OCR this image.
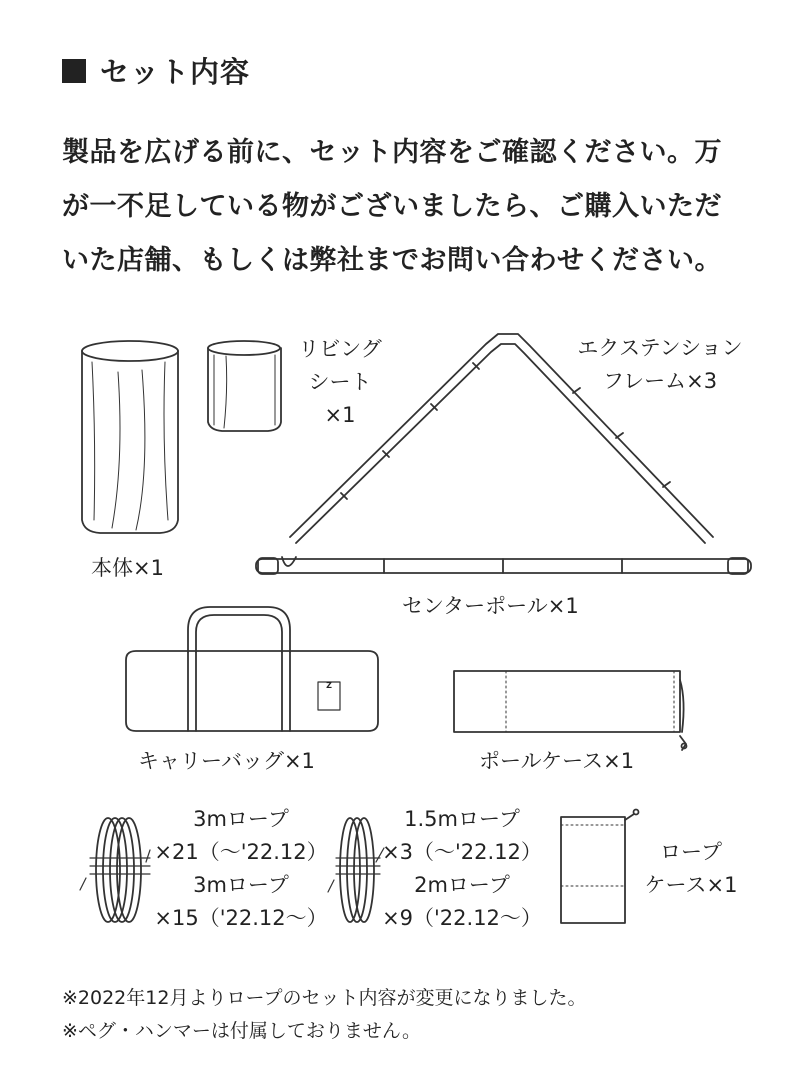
セット内容
製品を広げる前に、セット内容をご確認ください。万
が一不足している物がございましたら、ご購入いただ
いた店舗、もしくは弊社までお問い合わせください。
Z
本体×1
リビング
シート
×1
エクステンション
フレーム×3
センターポール×1
キャリーバッグ×1	ポールケース×1
3mロープ
×21（〜'22.12）
3mロープ
×15（'22.12〜）
1.5mロープ
×3（〜'22.12）
2mロープ
×9（'22.12〜）
ロープ
ケース×1
※2022年12月よりロープのセット内容が変更になりました。
※ペグ・ハンマーは付属しておりません。
